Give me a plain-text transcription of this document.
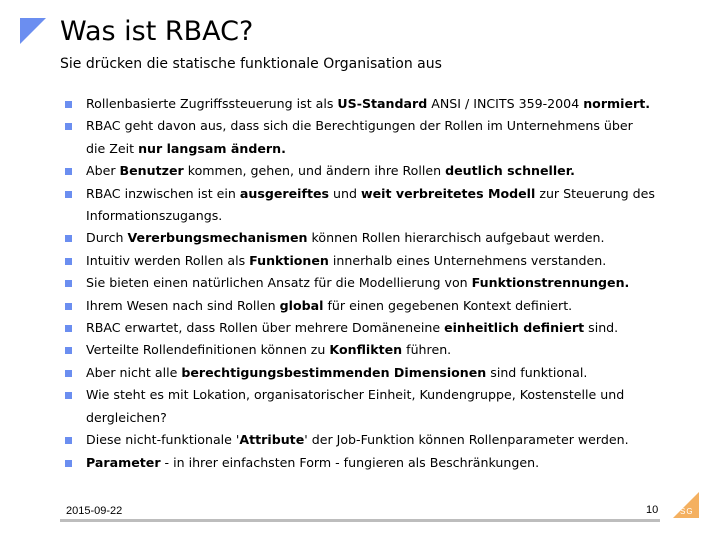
Was ist RBAC?
Sie drücken die statische funktionale Organisation aus
Rollenbasierte Zugriffssteuerung ist als US-Standard ANSI / INCITS 359-2004 normiert.
RBAC geht davon aus, dass sich die Berechtigungen der Rollen im Unternehmens über
die Zeit nur langsam ändern.
Aber Benutzer kommen, gehen, und ändern ihre Rollen deutlich schneller.
RBAC inzwischen ist ein ausgereiftes und weit verbreitetes Modell zur Steuerung des
Informationszugangs.
Durch Vererbungsmechanismen können Rollen hierarchisch aufgebaut werden.
Intuitiv werden Rollen als Funktionen innerhalb eines Unternehmens verstanden.
Sie bieten einen natürlichen Ansatz für die Modellierung von Funktionstrennungen.
Ihrem Wesen nach sind Rollen global für einen gegebenen Kontext definiert.
RBAC erwartet, dass Rollen über mehrere Domäneneine einheitlich definiert sind.
Verteilte Rollendefinitionen können zu Konflikten führen.
Aber nicht alle berechtigungsbestimmenden Dimensionen sind funktional.
Wie steht es mit Lokation, organisatorischer Einheit, Kundengruppe, Kostenstelle und
dergleichen?
Diese nicht-funktionale 'Attribute' der Job-Funktion können Rollenparameter werden.
Parameter - in ihrer einfachsten Form - fungieren als Beschränkungen.
2015-09-22	10	SG
